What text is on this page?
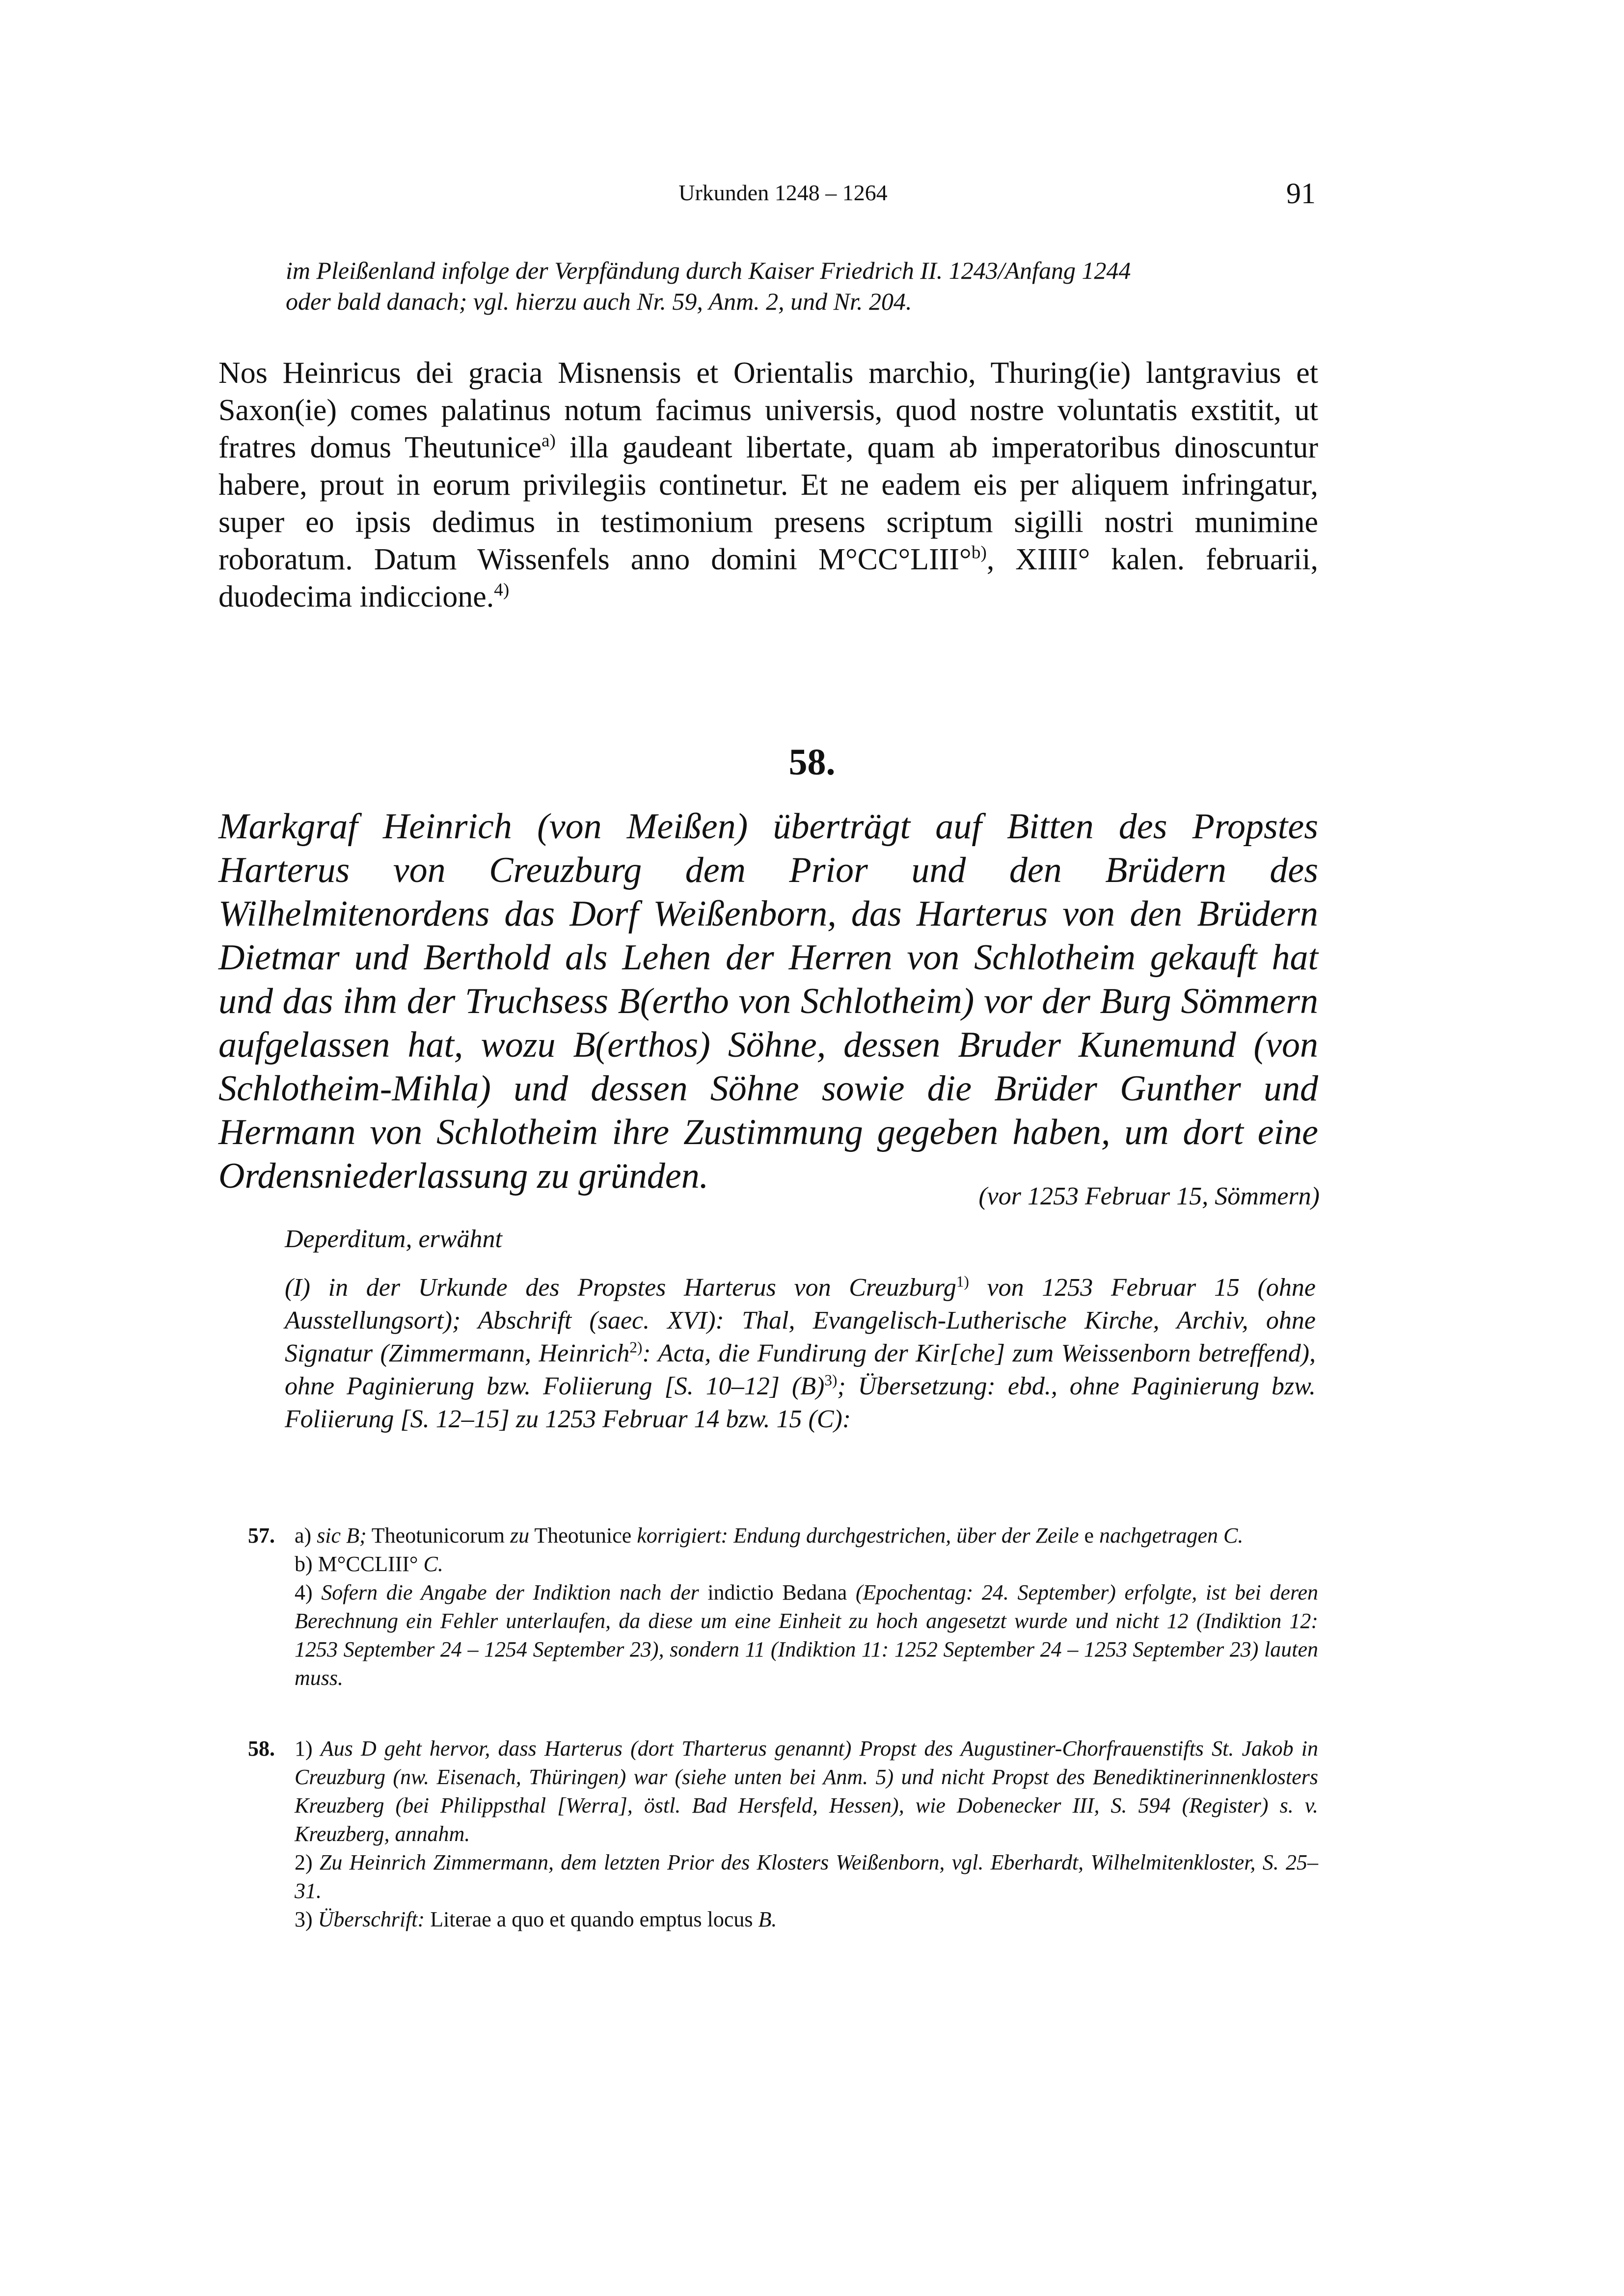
Urkunden 1248 – 1264	91

im Pleißenland infolge der Verpfändung durch Kaiser Friedrich II. 1243/Anfang 1244

oder bald danach; vgl. hierzu auch Nr. 59, Anm. 2, und Nr. 204.

Nos Heinricus dei gracia Misnensis et Orientalis marchio, Thuring(ie) lantgravius et Saxon(ie) comes palatinus notum facimus universis, quod nostre voluntatis exstitit, ut fratres domus Theutunice$^{a)}$ illa gaudeant libertate, quam ab imperatoribus dinoscuntur habere, prout in eorum privilegiis continetur. Et ne eadem eis per aliquem infringatur, super eo ipsis dedimus in testimonium presens scriptum sigilli nostri munimine roboratum. Datum Wissenfels anno domini M°CC°LIII°$^{b)}$, XIIII° kalen. februarii, duodecima indiccione.$^{4)}$
58.
Markgraf Heinrich (von Meißen) überträgt auf Bitten des Propstes Harterus von Creuzburg dem Prior und den Brüdern des Wilhelmitenordens das Dorf Weißenborn, das Harterus von den Brüdern Dietmar und Berthold als Lehen der Herren von Schlotheim gekauft hat und das ihm der Truchsess B(ertho von Schlotheim) vor der Burg Sömmern aufgelassen hat, wozu B(erthos) Söhne, dessen Bruder Kunemund (von Schlotheim-Mihla) und dessen Söhne sowie die Brüder Gunther und Hermann von Schlotheim ihre Zustimmung gegeben haben, um dort eine Ordensniederlassung zu gründen.
(vor 1253 Februar 15, Sömmern)
Deperditum, erwähnt
(I) in der Urkunde des Propstes Harterus von Creuzburg$^{1)}$ von 1253 Februar 15 (ohne Ausstellungsort); Abschrift (saec. XVI): Thal, Evangelisch-Lutherische Kirche, Archiv, ohne Signatur (Zimmermann, Heinrich$^{2)}$: Acta, die Fundirung der Kir[che] zum Weissenborn betreffend), ohne Paginierung bzw. Foliierung [S. 10–12] $(B)^{3)}$; Übersetzung: ebd., ohne Paginierung bzw. Foliierung [S. 12–15] zu 1253 Februar 14 bzw. 15 (C):
57. a) sic B; Theotunicorum zu Theotunice korrigiert: Endung durchgestrichen, über der Zeile e nachgetragen C.

b) M°CCLIII° C.

4) Sofern die Angabe der Indiktion nach der indictio Bedana (Epochentag: 24. September) erfolgte, ist bei deren Berechnung ein Fehler unterlaufen, da diese um eine Einheit zu hoch angesetzt wurde und nicht 12 (Indiktion 12: 1253 September 24 – 1254 September 23), sondern 11 (Indiktion 11: 1252 September 24 – 1253 September 23) lauten muss.

58. 1) Aus D geht hervor, dass Harterus (dort Tharterus genannt) Propst des Augustiner-Chorfrauenstifts St. Jakob in Creuzburg (nw. Eisenach, Thüringen) war (siehe unten bei Anm. 5) und nicht Propst des Benediktinerinnenklosters Kreuzberg (bei Philippsthal [Werra], östl. Bad Hersfeld, Hessen), wie Dobenecker III, S. 594 (Register) s. v. Kreuzberg, annahm.

2) Zu Heinrich Zimmermann, dem letzten Prior des Klosters Weißenborn, vgl. Eberhardt, Wilhelmitenkloster, S. 25–31.

3) Überschrift: Literae a quo et quando emptus locus B.
